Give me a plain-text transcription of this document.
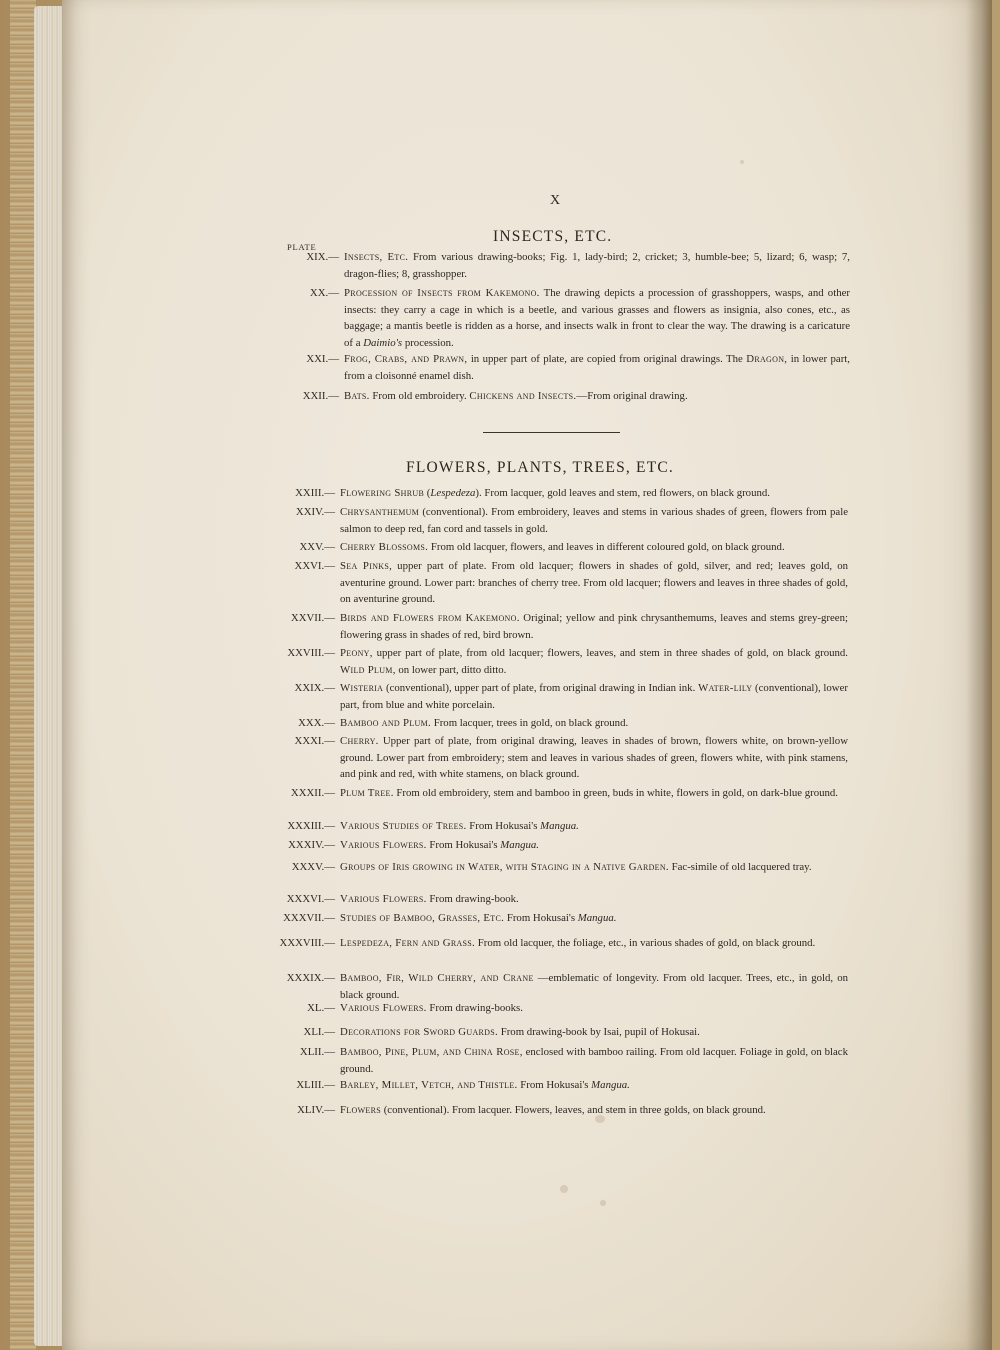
X
INSECTS, ETC.
PLATE
XIX.— Insects, Etc. From various drawing-books; Fig. 1, lady-bird; 2, cricket; 3, humble-bee; 5, lizard; 6, wasp; 7, dragon-flies; 8, grasshopper.
XX.— Procession of Insects from Kakemono. The drawing depicts a procession of grasshoppers, wasps, and other insects: they carry a cage in which is a beetle, and various grasses and flowers as insignia, also cones, etc., as baggage; a mantis beetle is ridden as a horse, and insects walk in front to clear the way. The drawing is a caricature of a Daimio's procession.
XXI.— Frog, Crabs, and Prawn, in upper part of plate, are copied from original drawings. The Dragon, in lower part, from a cloisonné enamel dish.
XXII.— Bats. From old embroidery. Chickens and Insects.—From original drawing.
FLOWERS, PLANTS, TREES, ETC.
XXIII.— Flowering Shrub (Lespedeza). From lacquer, gold leaves and stem, red flowers, on black ground.
XXIV.— Chrysanthemum (conventional). From embroidery, leaves and stems in various shades of green, flowers from pale salmon to deep red, fan cord and tassels in gold.
XXV.— Cherry Blossoms. From old lacquer, flowers, and leaves in different coloured gold, on black ground.
XXVI.— Sea Pinks, upper part of plate. From old lacquer; flowers in shades of gold, silver, and red; leaves gold, on aventurine ground. Lower part: branches of cherry tree. From old lacquer; flowers and leaves in three shades of gold, on aventurine ground.
XXVII.— Birds and Flowers from Kakemono. Original; yellow and pink chrysanthemums, leaves and stems grey-green; flowering grass in shades of red, bird brown.
XXVIII.— Peony, upper part of plate, from old lacquer; flowers, leaves, and stem in three shades of gold, on black ground. Wild Plum, on lower part, ditto ditto.
XXIX.— Wisteria (conventional), upper part of plate, from original drawing in Indian ink. Water-lily (conventional), lower part, from blue and white porcelain.
XXX.— Bamboo and Plum. From lacquer, trees in gold, on black ground.
XXXI.— Cherry. Upper part of plate, from original drawing, leaves in shades of brown, flowers white, on brown-yellow ground. Lower part from embroidery; stem and leaves in various shades of green, flowers white, with pink stamens, and pink and red, with white stamens, on black ground.
XXXII.— Plum Tree. From old embroidery, stem and bamboo in green, buds in white, flowers in gold, on dark-blue ground.
XXXIII.— Various Studies of Trees. From Hokusai's Mangua.
XXXIV.— Various Flowers. From Hokusai's Mangua.
XXXV.— Groups of Iris growing in Water, with Staging in a Native Garden. Fac-simile of old lacquered tray.
XXXVI.— Various Flowers. From drawing-book.
XXXVII.— Studies of Bamboo, Grasses, Etc. From Hokusai's Mangua.
XXXVIII.— Lespedeza, Fern and Grass. From old lacquer, the foliage, etc., in various shades of gold, on black ground.
XXXIX.— Bamboo, Fir, Wild Cherry, and Crane —emblematic of longevity. From old lacquer. Trees, etc., in gold, on black ground.
XL.— Various Flowers. From drawing-books.
XLI.— Decorations for Sword Guards. From drawing-book by Isai, pupil of Hokusai.
XLII.— Bamboo, Pine, Plum, and China Rose, enclosed with bamboo railing. From old lacquer. Foliage in gold, on black ground.
XLIII.— Barley, Millet, Vetch, and Thistle. From Hokusai's Mangua.
XLIV.— Flowers (conventional). From lacquer. Flowers, leaves, and stem in three golds, on black ground.
